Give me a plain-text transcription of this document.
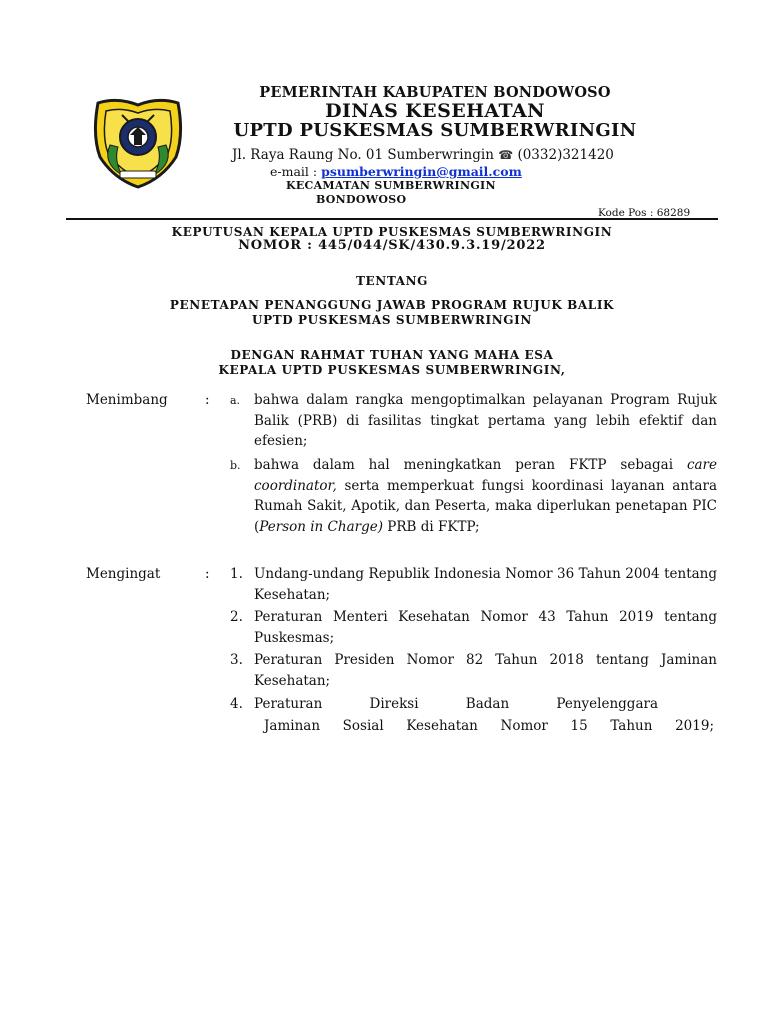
PEMERINTAH KABUPATEN BONDOWOSO
DINAS KESEHATAN
UPTD PUSKESMAS SUMBERWRINGIN
Jl. Raya Raung No. 01 Sumberwringin ☎ (0332)321420
e-mail : psumberwringin@gmail.com
KECAMATAN SUMBERWRINGIN
BONDOWOSO
Kode Pos : 68289
KEPUTUSAN KEPALA UPTD PUSKESMAS SUMBERWRINGIN
NOMOR : 445/044/SK/430.9.3.19/2022
TENTANG
PENETAPAN PENANGGUNG JAWAB PROGRAM RUJUK BALIK
UPTD PUSKESMAS SUMBERWRINGIN
DENGAN RAHMAT TUHAN YANG MAHA ESA
KEPALA UPTD PUSKESMAS SUMBERWRINGIN,
Menimbang	: a. bahwa dalam rangka mengoptimalkan pelayanan Program Rujuk Balik (PRB) di fasilitas tingkat pertama yang lebih efektif dan efesien;
b. bahwa dalam hal meningkatkan peran FKTP sebagai care coordinator, serta memperkuat fungsi koordinasi layanan antara Rumah Sakit, Apotik, dan Peserta, maka diperlukan penetapan PIC (Person in Charge) PRB di FKTP;
Mengingat	: 1. Undang-undang Republik Indonesia Nomor 36 Tahun 2004 tentang Kesehatan;
2. Peraturan Menteri Kesehatan Nomor 43 Tahun 2019 tentang Puskesmas;
3. Peraturan Presiden Nomor 82 Tahun 2018 tentang Jaminan Kesehatan;
4. Peraturan Direksi Badan Penyelenggara
Jaminan Sosial Kesehatan Nomor 15 Tahun 2019;
